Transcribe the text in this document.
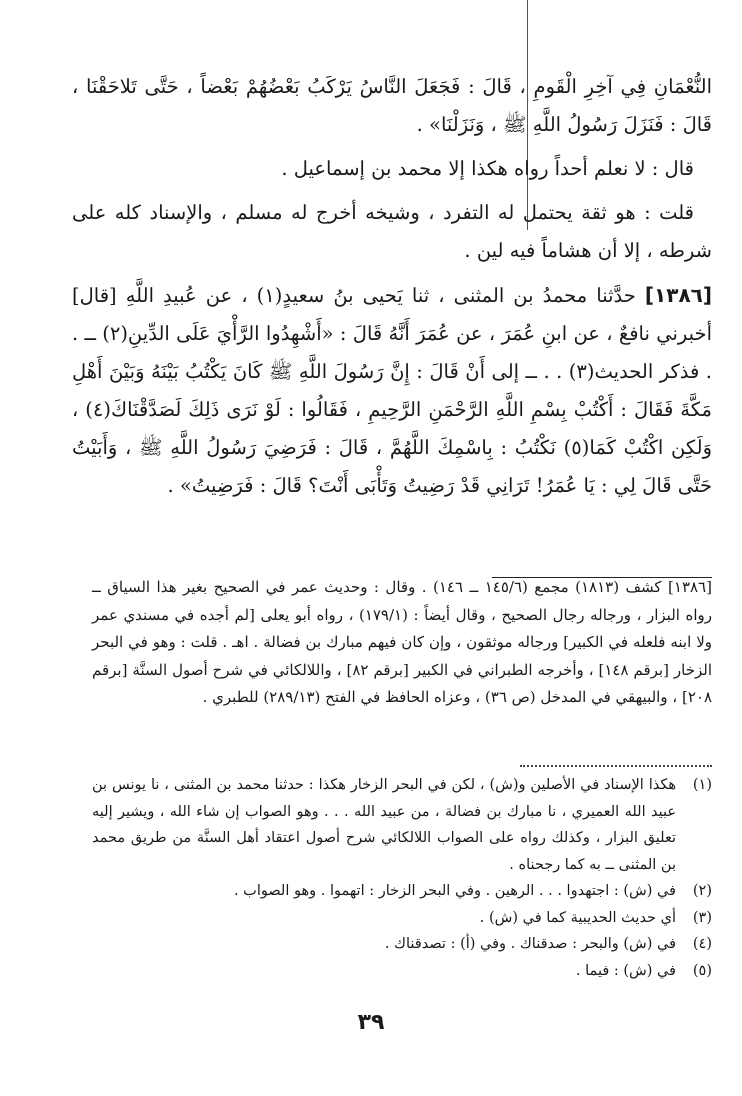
النُّعْمَانِ فِي آخِرِ الْقَومِ ، قَالَ : فَجَعَلَ النَّاسُ يَرْكَبُ بَعْضُهُمْ بَعْضاً ، حَتَّى تَلاحَقْنَا ، قَالَ : فَنَزَلَ رَسُولُ اللَّهِ ﷺ ، وَنَزَلْنَا» .

قال : لا نعلم أحداً رواه هكذا إلا محمد بن إسماعيل .

قلت : هو ثقة يحتمل له التفرد ، وشيخه أخرج له مسلم ، والإسناد كله على شرطه ، إلا أن هشاماً فيه لين .

[١٣٨٦] حدَّثنا محمدُ بن المثنى ، ثنا يَحيى بنُ سعيدٍ(١) ، عن عُبيدِ اللَّهِ [قال] أخبرني نافعٌ ، عن ابنِ عُمَرَ ، عن عُمَرَ أَنَّهُ قَالَ : «أَشْهِدُوا الرَّأْيَ عَلَى الدِّينِ(٢) ــ . . فذكر الحديث(٣) . . ــ إلى أَنْ قَالَ : إِنَّ رَسُولَ اللَّهِ ﷺ كَانَ يَكْتُبُ بَيْنَهُ وَبَيْنَ أَهْلِ مَكَّةَ فَقَالَ : أَكْتُبْ بِسْمِ اللَّهِ الرَّحْمَنِ الرَّحِيمِ ، فَقَالُوا : لَوْ نَرَى ذَلِكَ لَصَدَّقْنَاكَ(٤) ، وَلَكِن اكْتُبْ كَمَا(٥) نَكْتُبُ : بِاسْمِكَ اللَّهُمَّ ، قَالَ : فَرَضِيَ رَسُولُ اللَّهِ ﷺ ، وَأَبَيْتُ حَتَّى قَالَ لِي : يَا عُمَرُ! تَرَانِي قَدْ رَضِيتُ وَتَأْبَى أَنْتَ؟ قَالَ : فَرَضِيتُ» .

[١٣٨٦] كشف (١٨١٣) مجمع (١٤٥/٦ ــ ١٤٦) . وقال : وحديث عمر في الصحيح بغير هذا السياق ــ رواه البزار ، ورجاله رجال الصحيح ، وقال أيضاً : (١٧٩/١) ، رواه أبو يعلى [لم أجده في مسندي عمر ولا ابنه فلعله في الكبير] ورجاله موثقون ، وإن كان فيهم مبارك بن فضالة . اهـ . قلت : وهو في البحر الزخار [برقم ١٤٨] ، وأخرجه الطبراني في الكبير [برقم ٨٢] ، واللالكائي في شرح أصول السنَّة [برقم ٢٠٨] ، والبيهقي في المدخل (ص ٣٦) ، وعزاه الحافظ في الفتح (٢٨٩/١٣) للطبري .
(١)
هكذا الإسناد في الأصلين و(ش) ، لكن في البحر الزخار هكذا : حدثنا محمد بن المثنى ، نا يونس بن عبيد الله العميري ، نا مبارك بن فضالة ، من عبيد الله . . . وهو الصواب إن شاء الله ، ويشير إليه تعليق البزار ، وكذلك رواه على الصواب اللالكائي شرح أصول اعتقاد أهل السنَّة من طريق محمد بن المثنى ــ به كما رجحناه .
(٢)
في (ش) : اجتهدوا . . . الرهين . وفي البحر الزخار : اتهموا . وهو الصواب .
(٣)
أي حديث الحديبية كما في (ش) .
(٤)
في (ش) والبحر : صدقناك . وفي (أ) : تصدقناك .
(٥)
في (ش) : فيما .
٣٩
